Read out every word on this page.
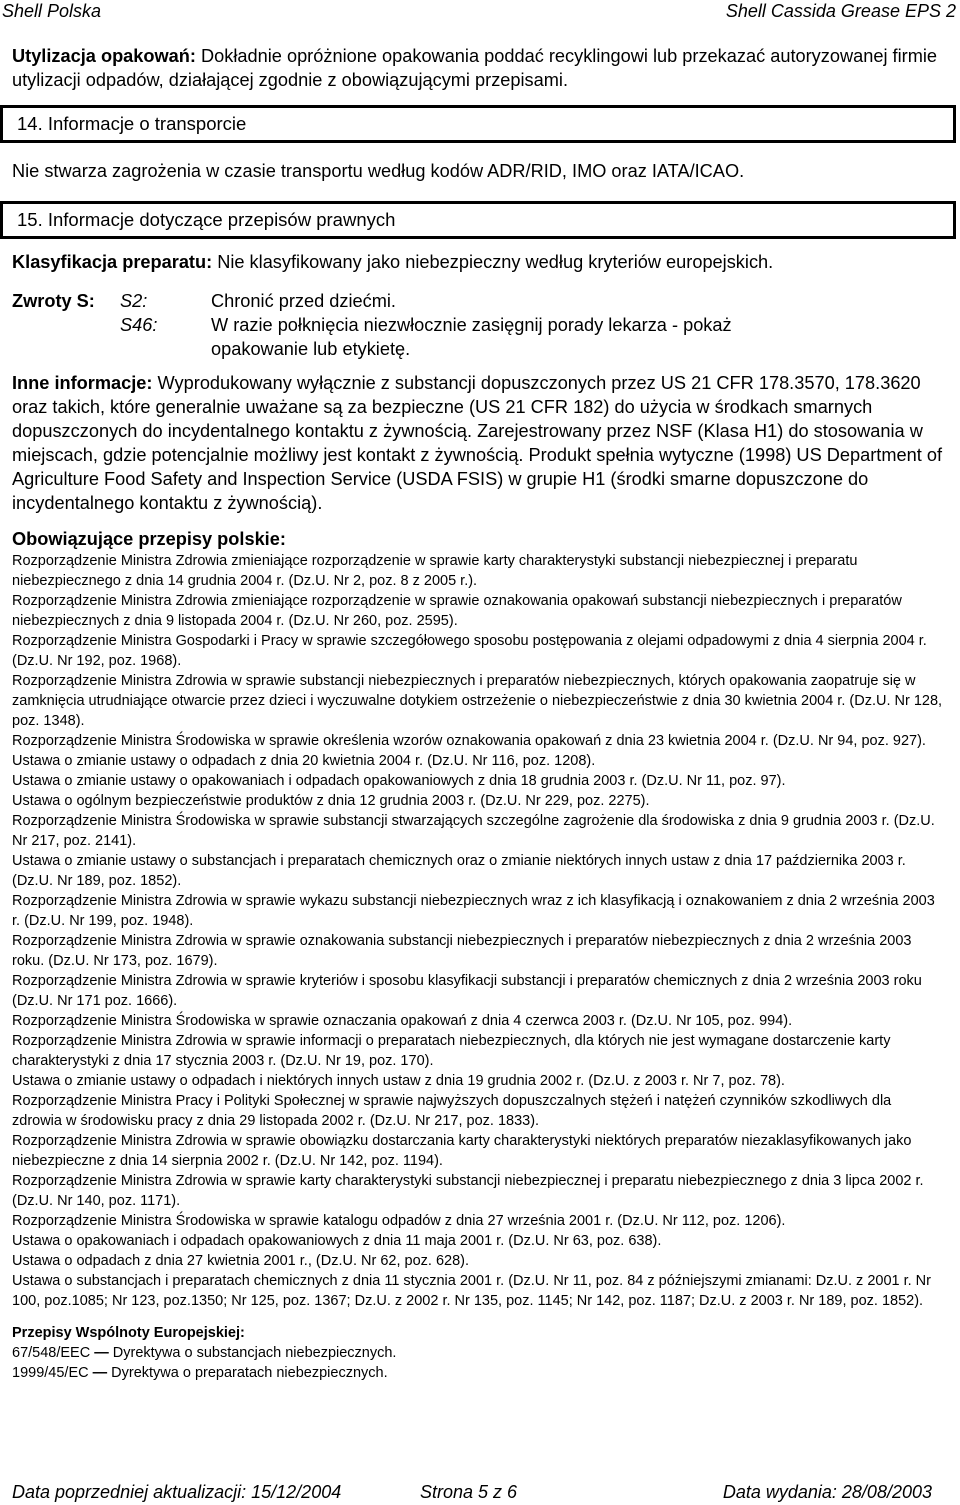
Shell Polska	Shell Cassida Grease EPS 2

Utylizacja opakowań: Dokładnie opróżnione opakowania poddać recyklingowi lub przekazać autoryzowanej firmie utylizacji odpadów, działającej zgodnie z obowiązującymi przepisami.

14. Informacje o transporcie

Nie stwarza zagrożenia w czasie transportu według kodów ADR/RID, IMO oraz IATA/ICAO.

15. Informacje dotyczące przepisów prawnych

Klasyfikacja preparatu: Nie klasyfikowany jako niebezpieczny według kryteriów europejskich.

Zwroty S: S2:	Chronić przed dziećmi.
S46:	W razie połknięcia niezwłocznie zasięgnij porady lekarza - pokaż
opakowanie lub etykietę.

Inne informacje: Wyprodukowany wyłącznie z substancji dopuszczonych przez US 21 CFR 178.3570, 178.3620 oraz takich, które generalnie uważane są za bezpieczne (US 21 CFR 182) do użycia w środkach smarnych dopuszczonych do incydentalnego kontaktu z żywnością. Zarejestrowany przez NSF (Klasa H1) do stosowania w miejscach, gdzie potencjalnie możliwy jest kontakt z żywnością. Produkt spełnia wytyczne (1998) US Department of Agriculture Food Safety and Inspection Service (USDA FSIS) w grupie H1 (środki smarne dopuszczone do incydentalnego kontaktu z żywnością).

Obowiązujące przepisy polskie:

Rozporządzenie Ministra Zdrowia zmieniające rozporządzenie w sprawie karty charakterystyki substancji niebezpiecznej i preparatu niebezpiecznego z dnia 14 grudnia 2004 r. (Dz.U. Nr 2, poz. 8 z 2005 r.).

Rozporządzenie Ministra Zdrowia zmieniające rozporządzenie w sprawie oznakowania opakowań substancji niebezpiecznych i preparatów niebezpiecznych z dnia 9 listopada 2004 r. (Dz.U. Nr 260, poz. 2595).

Rozporządzenie Ministra Gospodarki i Pracy w sprawie szczegółowego sposobu postępowania z olejami odpadowymi z dnia 4 sierpnia 2004 r. (Dz.U. Nr 192, poz. 1968).

Rozporządzenie Ministra Zdrowia w sprawie substancji niebezpiecznych i preparatów niebezpiecznych, których opakowania zaopatruje się w zamknięcia utrudniające otwarcie przez dzieci i wyczuwalne dotykiem ostrzeżenie o niebezpieczeństwie z dnia 30 kwietnia 2004 r. (Dz.U. Nr 128, poz. 1348).

Rozporządzenie Ministra Środowiska w sprawie określenia wzorów oznakowania opakowań z dnia 23 kwietnia 2004 r. (Dz.U. Nr 94, poz. 927).

Ustawa o zmianie ustawy o odpadach z dnia 20 kwietnia 2004 r. (Dz.U. Nr 116, poz. 1208).

Ustawa o zmianie ustawy o opakowaniach i odpadach opakowaniowych z dnia 18 grudnia 2003 r. (Dz.U. Nr 11, poz. 97).

Ustawa o ogólnym bezpieczeństwie produktów z dnia 12 grudnia 2003 r. (Dz.U. Nr 229, poz. 2275).

Rozporządzenie Ministra Środowiska w sprawie substancji stwarzających szczególne zagrożenie dla środowiska z dnia 9 grudnia 2003 r. (Dz.U. Nr 217, poz. 2141).

Ustawa o zmianie ustawy o substancjach i preparatach chemicznych oraz o zmianie niektórych innych ustaw z dnia 17 października 2003 r. (Dz.U. Nr 189, poz. 1852).

Rozporządzenie Ministra Zdrowia w sprawie wykazu substancji niebezpiecznych wraz z ich klasyfikacją i oznakowaniem z dnia 2 września 2003 r. (Dz.U. Nr 199, poz. 1948).

Rozporządzenie Ministra Zdrowia w sprawie oznakowania substancji niebezpiecznych i preparatów niebezpiecznych z dnia 2 września 2003 roku. (Dz.U. Nr 173, poz. 1679).

Rozporządzenie Ministra Zdrowia w sprawie kryteriów i sposobu klasyfikacji substancji i preparatów chemicznych z dnia 2 września 2003 roku (Dz.U. Nr 171 poz. 1666).

Rozporządzenie Ministra Środowiska w sprawie oznaczania opakowań z dnia 4 czerwca 2003 r. (Dz.U. Nr 105, poz. 994).

Rozporządzenie Ministra Zdrowia w sprawie informacji o preparatach niebezpiecznych, dla których nie jest wymagane dostarczenie karty charakterystyki z dnia 17 stycznia 2003 r. (Dz.U. Nr 19, poz. 170).

Ustawa o zmianie ustawy o odpadach i niektórych innych ustaw z dnia 19 grudnia 2002 r. (Dz.U. z 2003 r. Nr 7, poz. 78).

Rozporządzenie Ministra Pracy i Polityki Społecznej w sprawie najwyższych dopuszczalnych stężeń i natężeń czynników szkodliwych dla zdrowia w środowisku pracy z dnia 29 listopada 2002 r. (Dz.U. Nr 217, poz. 1833).

Rozporządzenie Ministra Zdrowia w sprawie obowiązku dostarczania karty charakterystyki niektórych preparatów niezaklasyfikowanych jako niebezpieczne z dnia 14 sierpnia 2002 r. (Dz.U. Nr 142, poz. 1194).

Rozporządzenie Ministra Zdrowia w sprawie karty charakterystyki substancji niebezpiecznej i preparatu niebezpiecznego z dnia 3 lipca 2002 r. (Dz.U. Nr 140, poz. 1171).

Rozporządzenie Ministra Środowiska w sprawie katalogu odpadów z dnia 27 września 2001 r. (Dz.U. Nr 112, poz. 1206).

Ustawa o opakowaniach i odpadach opakowaniowych z dnia 11 maja 2001 r. (Dz.U. Nr 63, poz. 638).

Ustawa o odpadach z dnia 27 kwietnia 2001 r., (Dz.U. Nr 62, poz. 628).

Ustawa o substancjach i preparatach chemicznych z dnia 11 stycznia 2001 r. (Dz.U. Nr 11, poz. 84 z późniejszymi zmianami: Dz.U. z 2001 r. Nr 100, poz.1085; Nr 123, poz.1350; Nr 125, poz. 1367; Dz.U. z 2002 r. Nr 135, poz. 1145; Nr 142, poz. 1187; Dz.U. z 2003 r. Nr 189, poz. 1852).

Przepisy Wspólnoty Europejskiej:

67/548/EEC — Dyrektywa o substancjach niebezpiecznych.

1999/45/EC — Dyrektywa o preparatach niebezpiecznych.

Data poprzedniej aktualizacji: 15/12/2004	Strona 5 z 6	Data wydania: 28/08/2003
